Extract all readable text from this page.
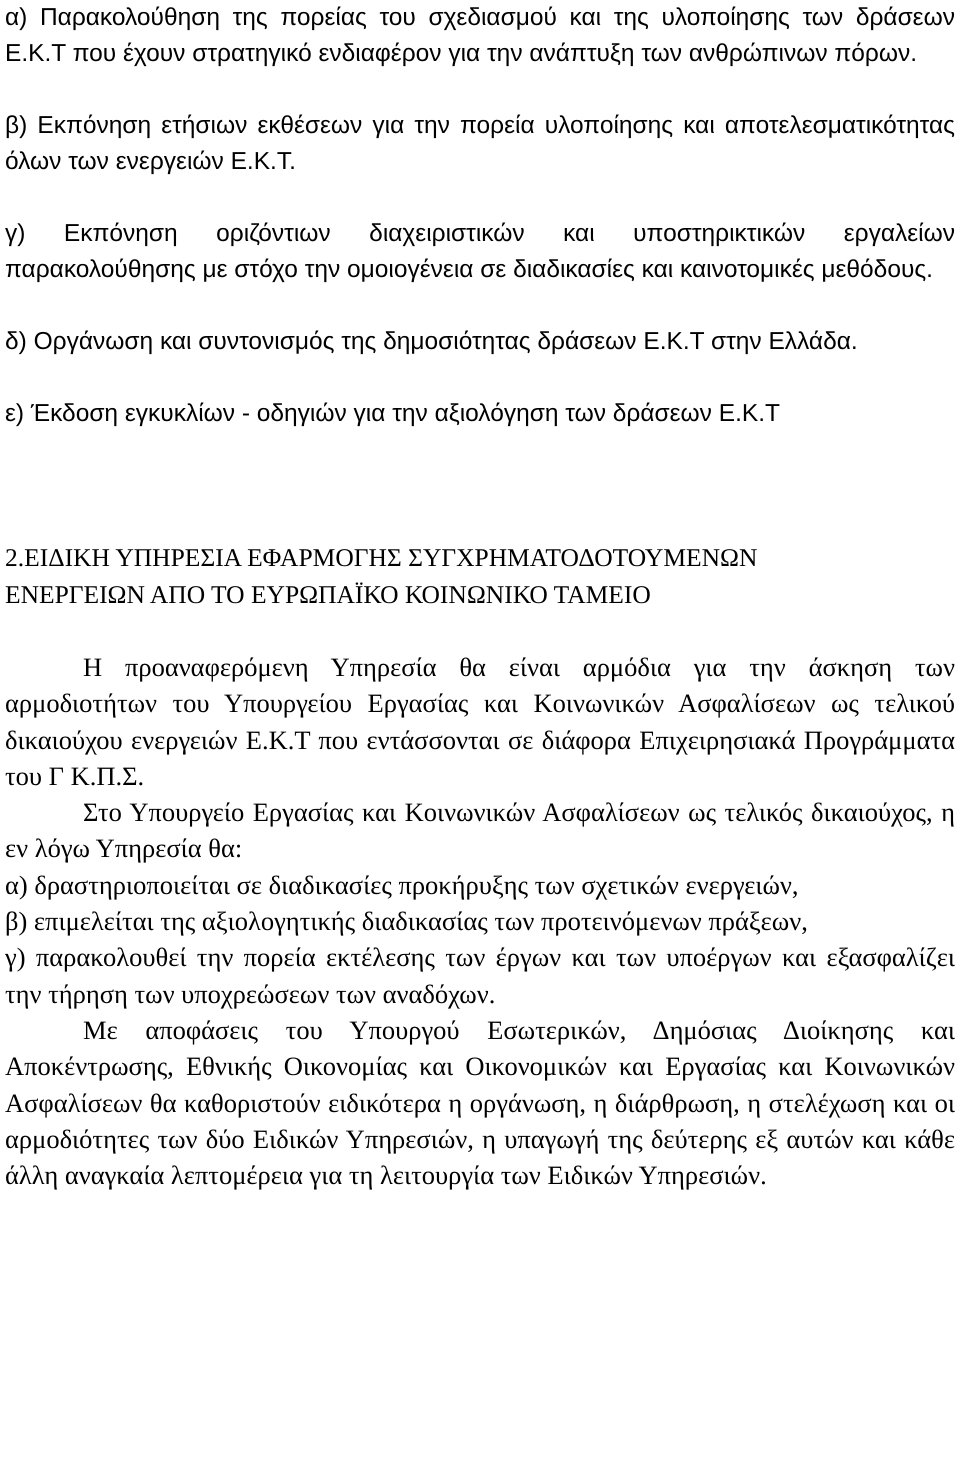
α) Παρακολούθηση της πορείας του σχεδιασμού και της υλοποίησης των δράσεων Ε.Κ.Τ που έχουν στρατηγικό ενδιαφέρον για την ανάπτυξη των ανθρώπινων πόρων.

β) Εκπόνηση ετήσιων εκθέσεων για την πορεία υλοποίησης και αποτελεσματικότητας όλων των ενεργειών Ε.Κ.Τ.

γ) Εκπόνηση οριζόντιων διαχειριστικών και υποστηρικτικών εργαλείων παρακολούθησης με στόχο την ομοιογένεια σε διαδικασίες και καινοτομικές μεθόδους.

δ) Οργάνωση και συντονισμός της δημοσιότητας δράσεων Ε.Κ.Τ στην Ελλάδα.

ε) Έκδοση εγκυκλίων - οδηγιών για την αξιολόγηση των δράσεων Ε.Κ.Τ

2.ΕΙΔΙΚΗ ΥΠΗΡΕΣΙΑ ΕΦΑΡΜΟΓΗΣ ΣΥΓΧΡΗΜΑΤΟΔΟΤΟΥΜΕΝΩΝ ΕΝΕΡΓΕΙΩΝ ΑΠΟ ΤΟ ΕΥΡΩΠΑΪΚΟ ΚΟΙΝΩΝΙΚΟ ΤΑΜΕΙΟ

Η προαναφερόμενη Υπηρεσία θα είναι αρμόδια για την άσκηση των αρμοδιοτήτων του Υπουργείου Εργασίας και Κοινωνικών Ασφαλίσεων ως τελικού δικαιούχου ενεργειών Ε.Κ.Τ που εντάσσονται σε διάφορα Επιχειρησιακά Προγράμματα του Γ Κ.Π.Σ.

Στο Υπουργείο Εργασίας και Κοινωνικών Ασφαλίσεων ως τελικός δικαιούχος, η εν λόγω Υπηρεσία θα:

α) δραστηριοποιείται σε διαδικασίες προκήρυξης των σχετικών ενεργειών,

β) επιμελείται της αξιολογητικής διαδικασίας των προτεινόμενων πράξεων,

γ) παρακολουθεί την πορεία εκτέλεσης των έργων και των υποέργων και εξασφαλίζει την τήρηση των υποχρεώσεων των αναδόχων.

Με αποφάσεις του Υπουργού Εσωτερικών, Δημόσιας Διοίκησης και Αποκέντρωσης, Εθνικής Οικονομίας και Οικονομικών και Εργασίας και Κοινωνικών Ασφαλίσεων θα καθοριστούν ειδικότερα η οργάνωση, η διάρθρωση, η στελέχωση και οι αρμοδιότητες των δύο Ειδικών Υπηρεσιών, η υπαγωγή της δεύτερης εξ αυτών και κάθε άλλη αναγκαία λεπτομέρεια για τη λειτουργία των Ειδικών Υπηρεσιών.
